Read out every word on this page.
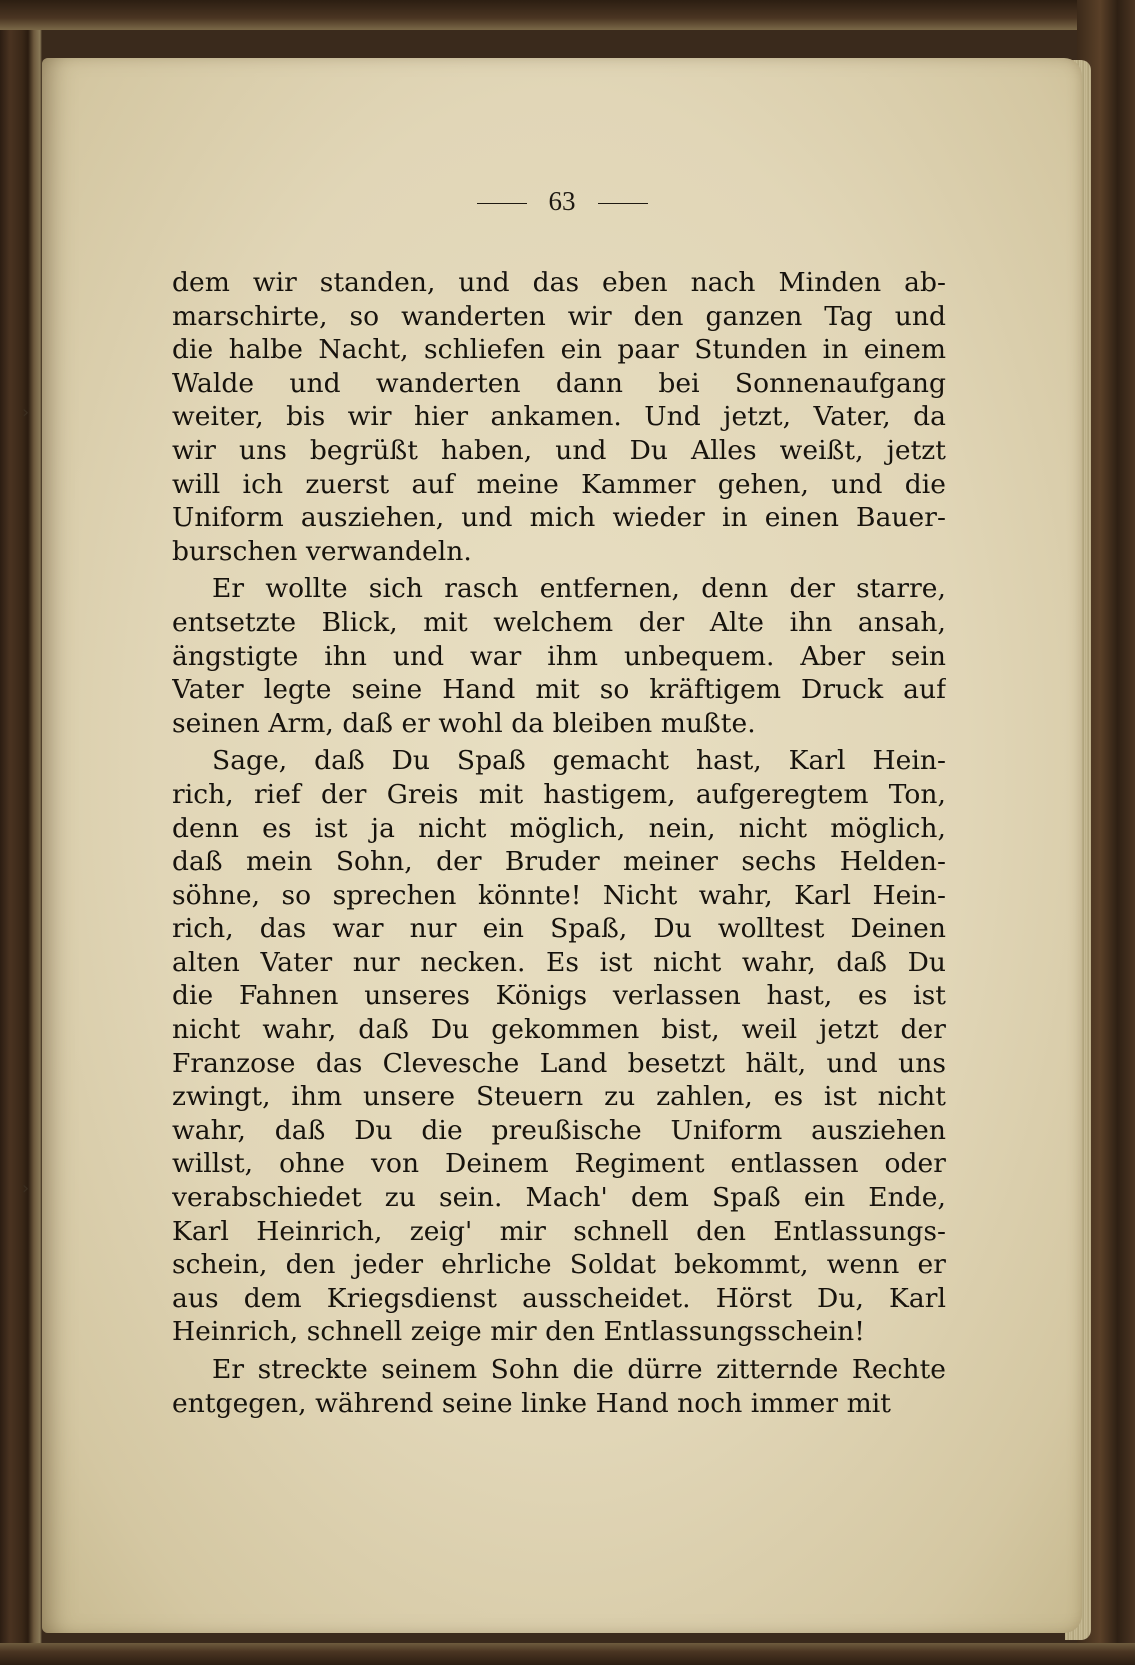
63
dem wir standen, und das eben nach Minden ab-
marschirte, so wanderten wir den ganzen Tag und
die halbe Nacht, schliefen ein paar Stunden in einem
Walde und wanderten dann bei Sonnenaufgang
weiter, bis wir hier ankamen. Und jetzt, Vater, da
wir uns begrüßt haben, und Du Alles weißt, jetzt
will ich zuerst auf meine Kammer gehen, und die
Uniform ausziehen, und mich wieder in einen Bauer-
burschen verwandeln.
Er wollte sich rasch entfernen, denn der starre,
entsetzte Blick, mit welchem der Alte ihn ansah,
ängstigte ihn und war ihm unbequem. Aber sein
Vater legte seine Hand mit so kräftigem Druck auf
seinen Arm, daß er wohl da bleiben mußte.
Sage, daß Du Spaß gemacht hast, Karl Hein-
rich, rief der Greis mit hastigem, aufgeregtem Ton,
denn es ist ja nicht möglich, nein, nicht möglich,
daß mein Sohn, der Bruder meiner sechs Helden-
söhne, so sprechen könnte! Nicht wahr, Karl Hein-
rich, das war nur ein Spaß, Du wolltest Deinen
alten Vater nur necken. Es ist nicht wahr, daß Du
die Fahnen unseres Königs verlassen hast, es ist
nicht wahr, daß Du gekommen bist, weil jetzt der
Franzose das Clevesche Land besetzt hält, und uns
zwingt, ihm unsere Steuern zu zahlen, es ist nicht
wahr, daß Du die preußische Uniform ausziehen
willst, ohne von Deinem Regiment entlassen oder
verabschiedet zu sein. Mach' dem Spaß ein Ende,
Karl Heinrich, zeig' mir schnell den Entlassungs-
schein, den jeder ehrliche Soldat bekommt, wenn er
aus dem Kriegsdienst ausscheidet. Hörst Du, Karl
Heinrich, schnell zeige mir den Entlassungsschein!
Er streckte seinem Sohn die dürre zitternde Rechte
entgegen, während seine linke Hand noch immer mit
›
›
